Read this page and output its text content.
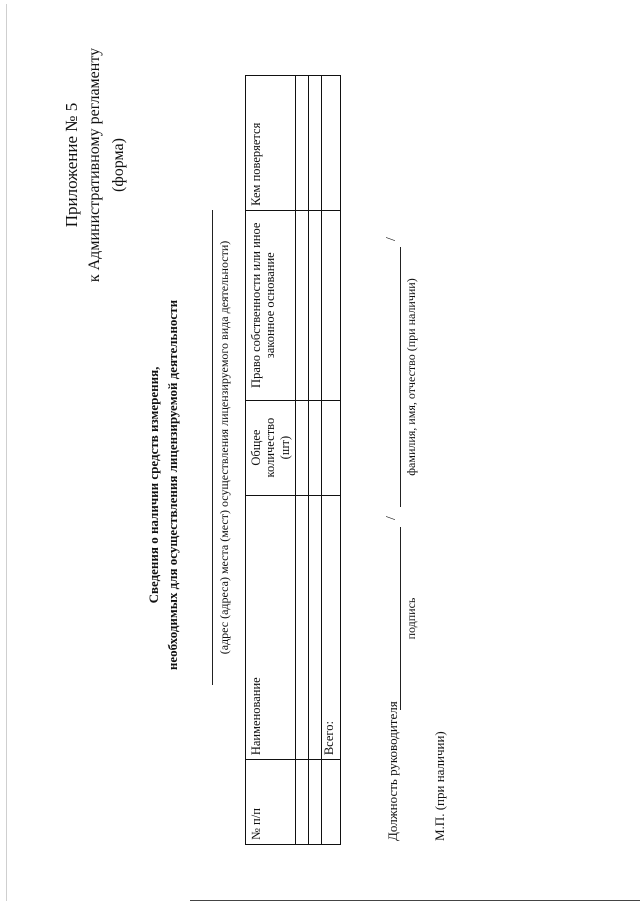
Приложение № 5 к Административному регламенту (форма)
Сведения о наличии средств измерения, необходимых для осуществления лицензируемой деятельности	(адрес (адреса) места (мест) осуществления лицензируемого вида деятельности)
№ п/п	Наименование	Общее количество (шт)	Право собственности или иное законное основание	Кем поверяется

	Всего:			
				Должность руководителя
/
/
подпись
фамилия, имя, отчество (при наличии)
М.П. (при наличии)
